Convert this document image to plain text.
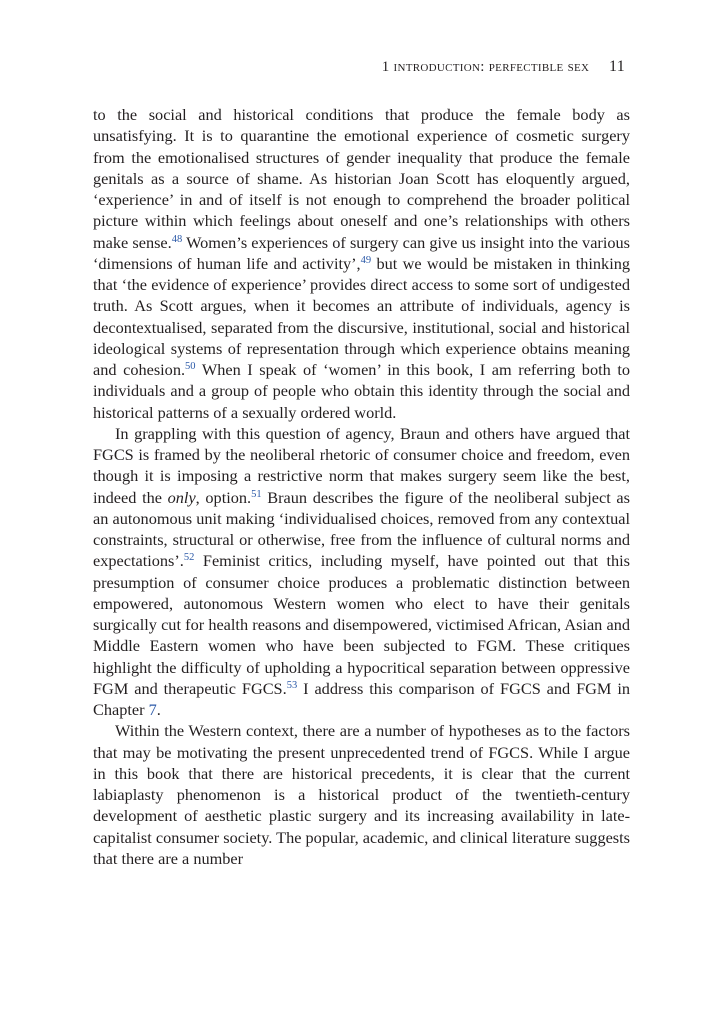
1 introduction: perfectible sex 11

to the social and historical conditions that produce the female body as unsatisfying. It is to quarantine the emotional experience of cosmetic surgery from the emotionalised structures of gender inequality that produce the female genitals as a source of shame. As historian Joan Scott has eloquently argued, ‘experience’ in and of itself is not enough to comprehend the broader political picture within which feelings about oneself and one’s relationships with others make sense.$^{48}$ Women’s experiences of surgery can give us insight into the various ‘dimensions of human life and activity’,$^{49}$ but we would be mistaken in thinking that ‘the evidence of experience’ provides direct access to some sort of undigested truth. As Scott argues, when it becomes an attribute of individuals, agency is decontextualised, separated from the discursive, institutional, social and historical ideological systems of representation through which experience obtains meaning and cohesion.$^{50}$ When I speak of ‘women’ in this book, I am referring both to individuals and a group of people who obtain this identity through the social and historical patterns of a sexually ordered world.

In grappling with this question of agency, Braun and others have argued that FGCS is framed by the neoliberal rhetoric of consumer choice and freedom, even though it is imposing a restrictive norm that makes surgery seem like the best, indeed the only, option.$^{51}$ Braun describes the figure of the neoliberal subject as an autonomous unit making ‘individualised choices, removed from any contextual constraints, structural or otherwise, free from the influence of cultural norms and expectations’.$^{52}$ Feminist critics, including myself, have pointed out that this presumption of consumer choice produces a problematic distinction between empowered, autonomous Western women who elect to have their genitals surgically cut for health reasons and disempowered, victimised African, Asian and Middle Eastern women who have been subjected to FGM. These critiques highlight the difficulty of upholding a hypocritical separation between oppressive FGM and therapeutic FGCS.$^{53}$ I address this comparison of FGCS and FGM in Chapter 7.

Within the Western context, there are a number of hypotheses as to the factors that may be motivating the present unprecedented trend of FGCS. While I argue in this book that there are historical precedents, it is clear that the current labiaplasty phenomenon is a historical product of the twentieth-century development of aesthetic plastic surgery and its increasing availability in late-capitalist consumer society. The popular, academic, and clinical literature suggests that there are a number
